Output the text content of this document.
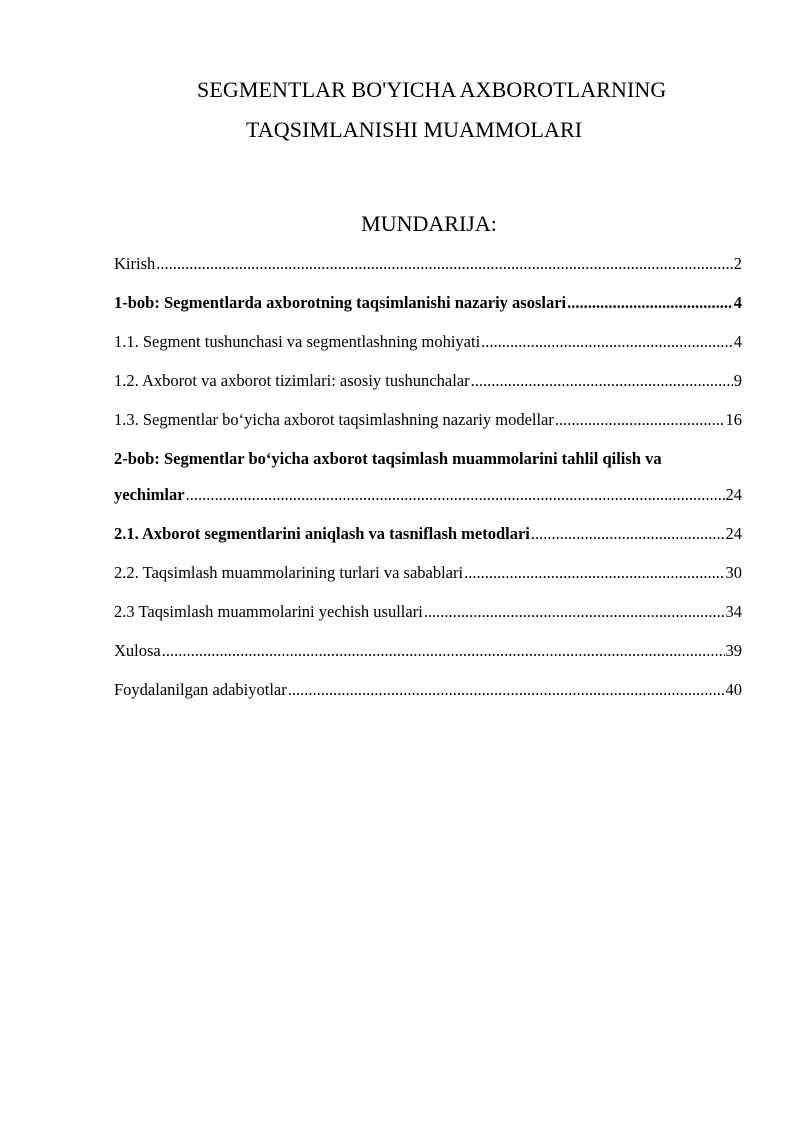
SEGMENTLAR BO'YICHA AXBOROTLARNING
TAQSIMLANISHI MUAMMOLARI
MUNDARIJA:
Kirish .....	2
1-bob: Segmentlarda axborotning taqsimlanishi nazariy asoslari .....	4
1.1. Segment tushunchasi va segmentlashning mohiyati .....	4
1.2. Axborot va axborot tizimlari: asosiy tushunchalar .....	9
1.3. Segmentlar bo‘yicha axborot taqsimlashning nazariy modellar .....	16
2-bob: Segmentlar bo‘yicha axborot taqsimlash muammolarini tahlil qilish va
yechimlar .....	24
2.1. Axborot segmentlarini aniqlash va tasniflash metodlari .....	24
2.2. Taqsimlash muammolarining turlari va sabablari .....	30
2.3 Taqsimlash muammolarini yechish usullari .....	34
Xulosa .....	39
Foydalanilgan adabiyotlar .....	40
